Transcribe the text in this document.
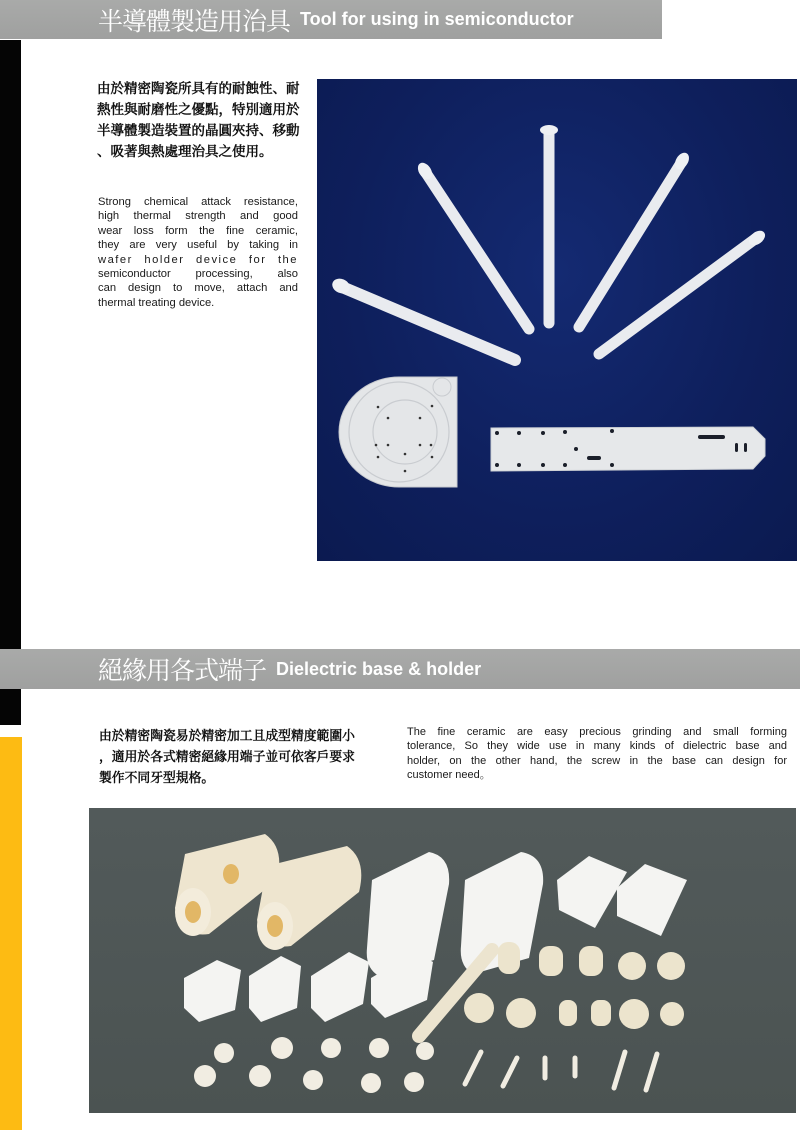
半導體製造用治具 Tool for using in semiconductor
由於精密陶瓷所具有的耐蝕性、耐
熱性與耐磨性之優點，特別適用於
半導體製造裝置的晶圓夾持、移動
、吸著與熱處理治具之使用。
Strong chemical attack resistance,
high thermal strength and good
wear loss form the fine ceramic,
they are very useful by taking in
wafer holder device for the
semiconductor processing, also
can design to move, attach and
thermal treating device.
絕緣用各式端子 Dielectric base & holder
由於精密陶瓷易於精密加工且成型精度範圍小
，適用於各式精密絕緣用端子並可依客戶要求
製作不同牙型規格。
The fine ceramic are easy precious grinding and small forming
tolerance, So they wide use in many kinds of dielectric base and
holder, on the other hand, the screw in the base can design for
customer need。
